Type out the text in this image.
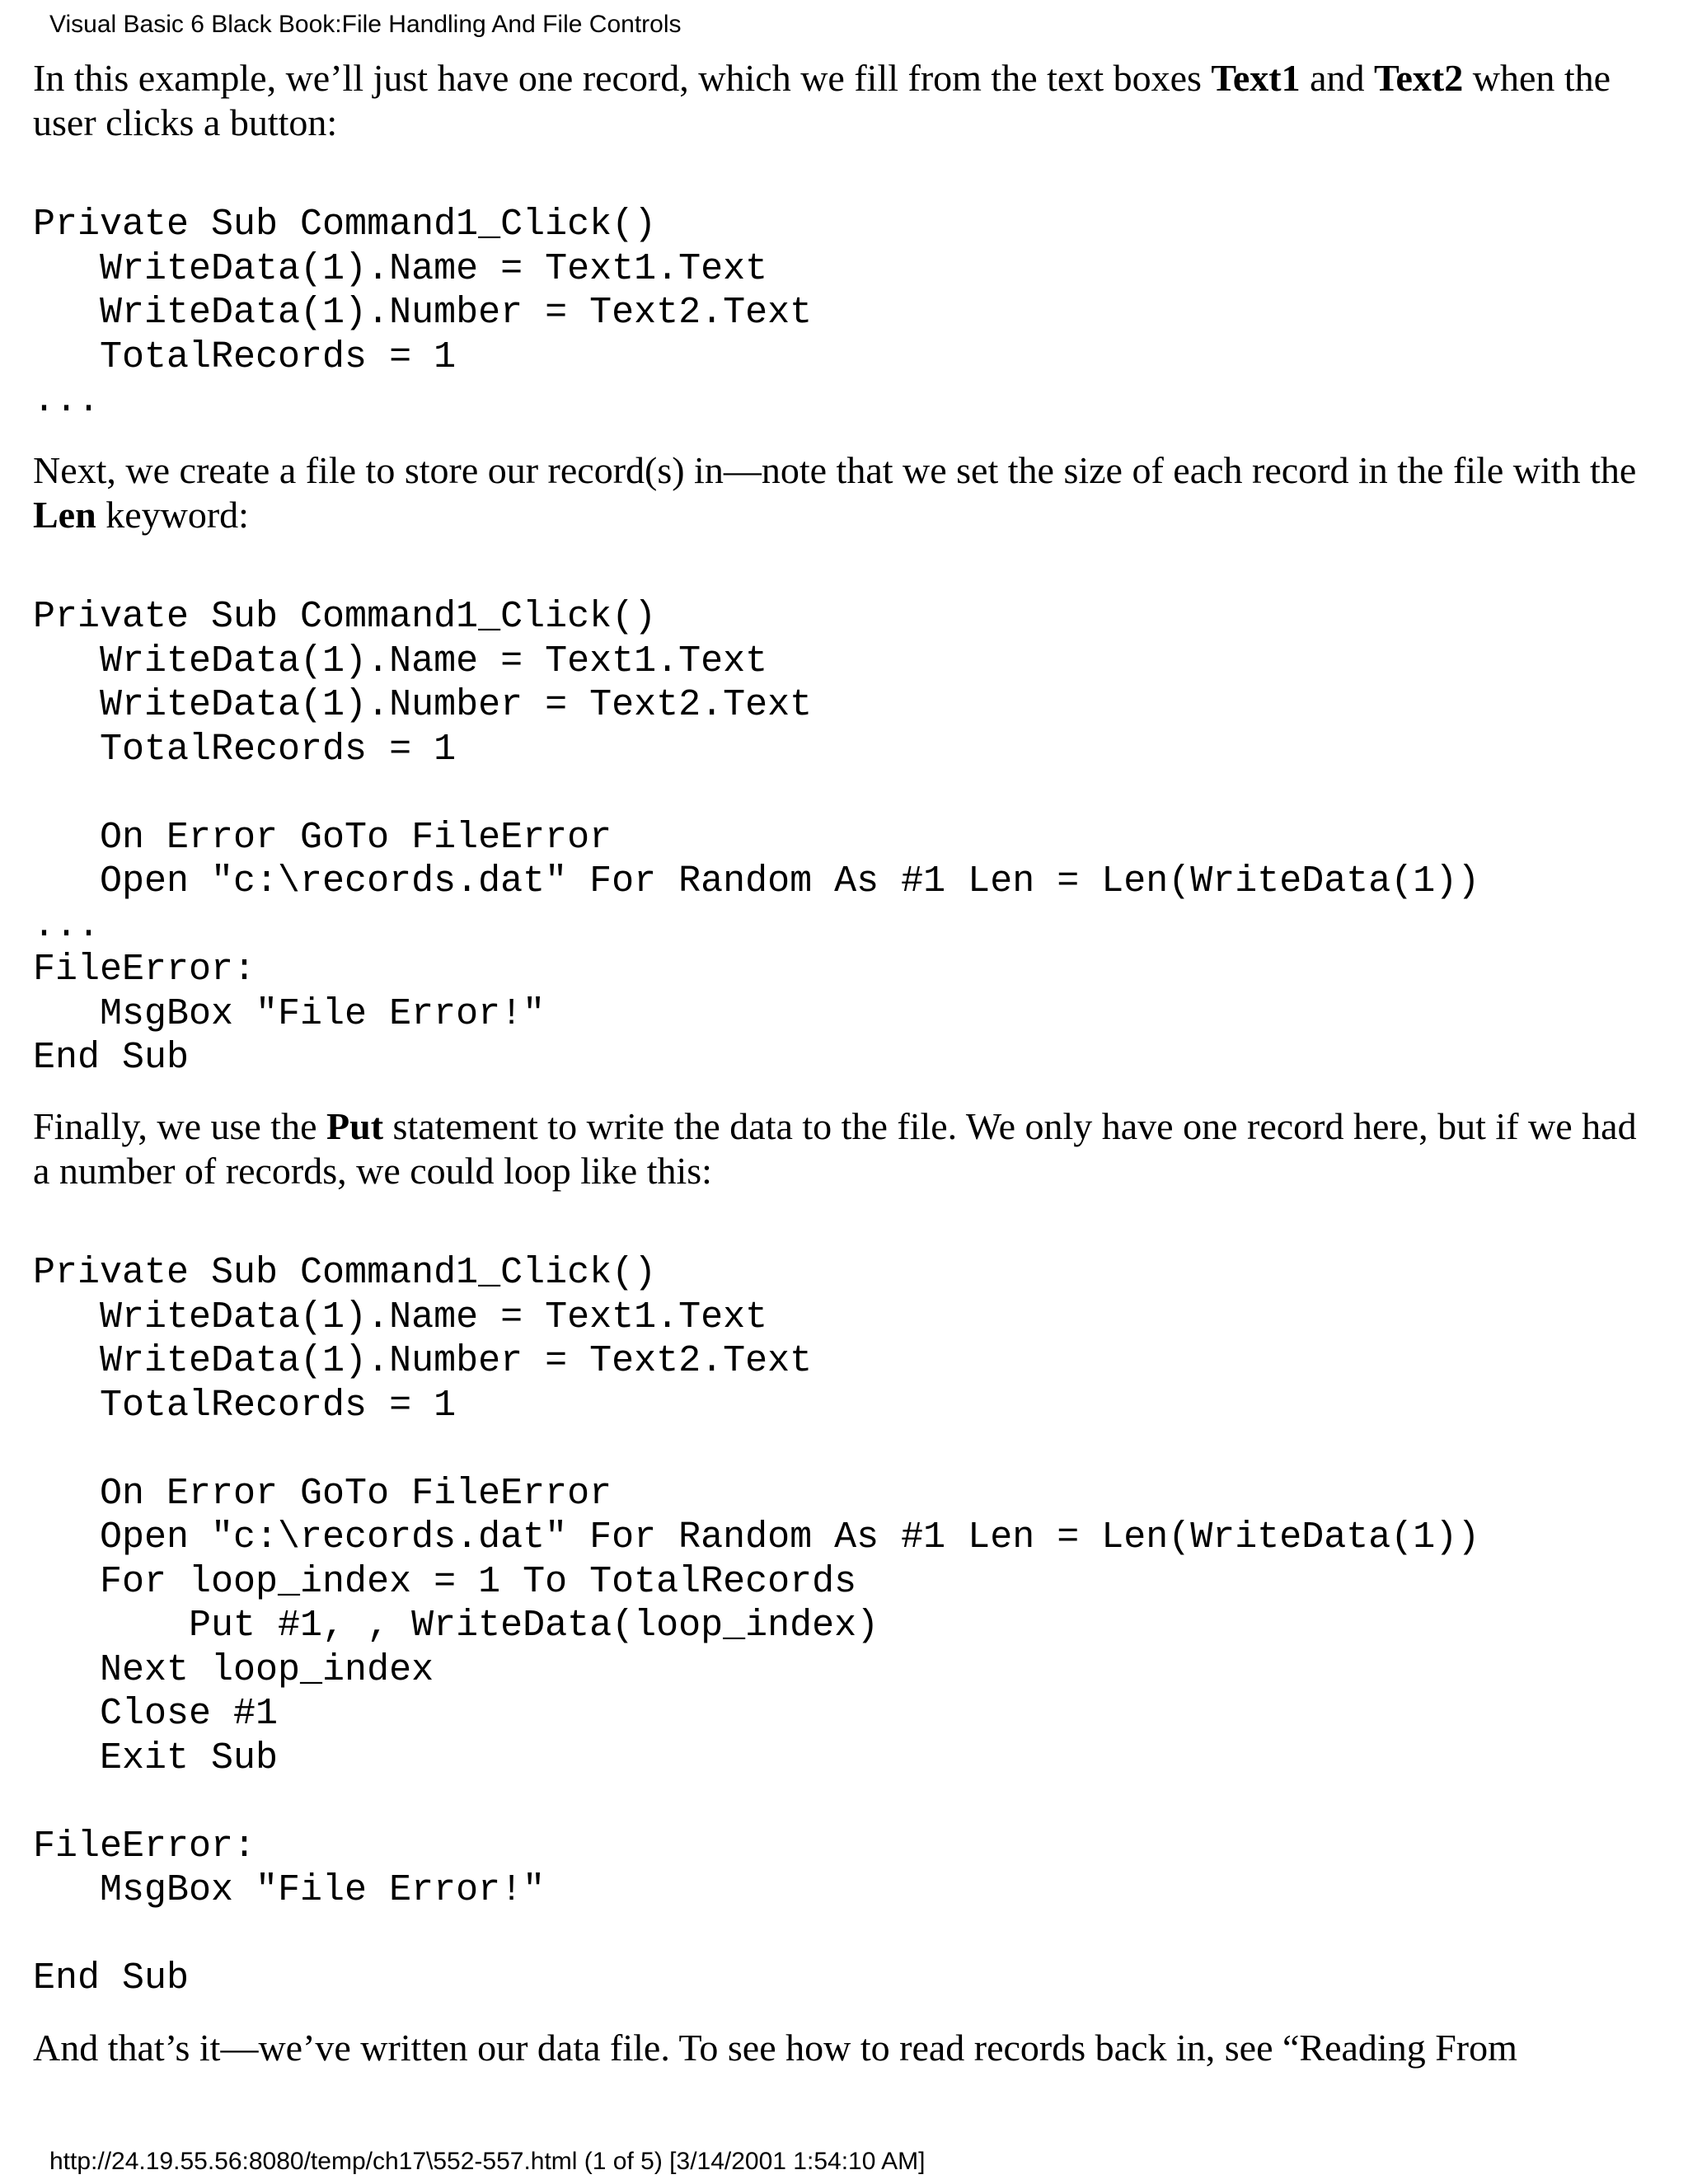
Visual Basic 6 Black Book:File Handling And File Controls

In this example, we’ll just have one record, which we fill from the text boxes Text1 and Text2 when the user clicks a button:

Private Sub Command1_Click()
WriteData(1).Name = Text1.Text
WriteData(1).Number = Text2.Text
TotalRecords = 1
...

Next, we create a file to store our record(s) in—note that we set the size of each record in the file with the Len keyword:

Private Sub Command1_Click()
WriteData(1).Name = Text1.Text
WriteData(1).Number = Text2.Text
TotalRecords = 1

On Error GoTo FileError
Open "c:\records.dat" For Random As #1 Len = Len(WriteData(1))
...
FileError:
MsgBox "File Error!"
End Sub

Finally, we use the Put statement to write the data to the file. We only have one record here, but if we had a number of records, we could loop like this:

Private Sub Command1_Click()
WriteData(1).Name = Text1.Text
WriteData(1).Number = Text2.Text
TotalRecords = 1

On Error GoTo FileError
Open "c:\records.dat" For Random As #1 Len = Len(WriteData(1))
For loop_index = 1 To TotalRecords
Put #1, , WriteData(loop_index)
Next loop_index
Close #1
Exit Sub

FileError:
MsgBox "File Error!"

End Sub

And that’s it—we’ve written our data file. To see how to read records back in, see “Reading From

http://24.19.55.56:8080/temp/ch17\552-557.html (1 of 5) [3/14/2001 1:54:10 AM]
